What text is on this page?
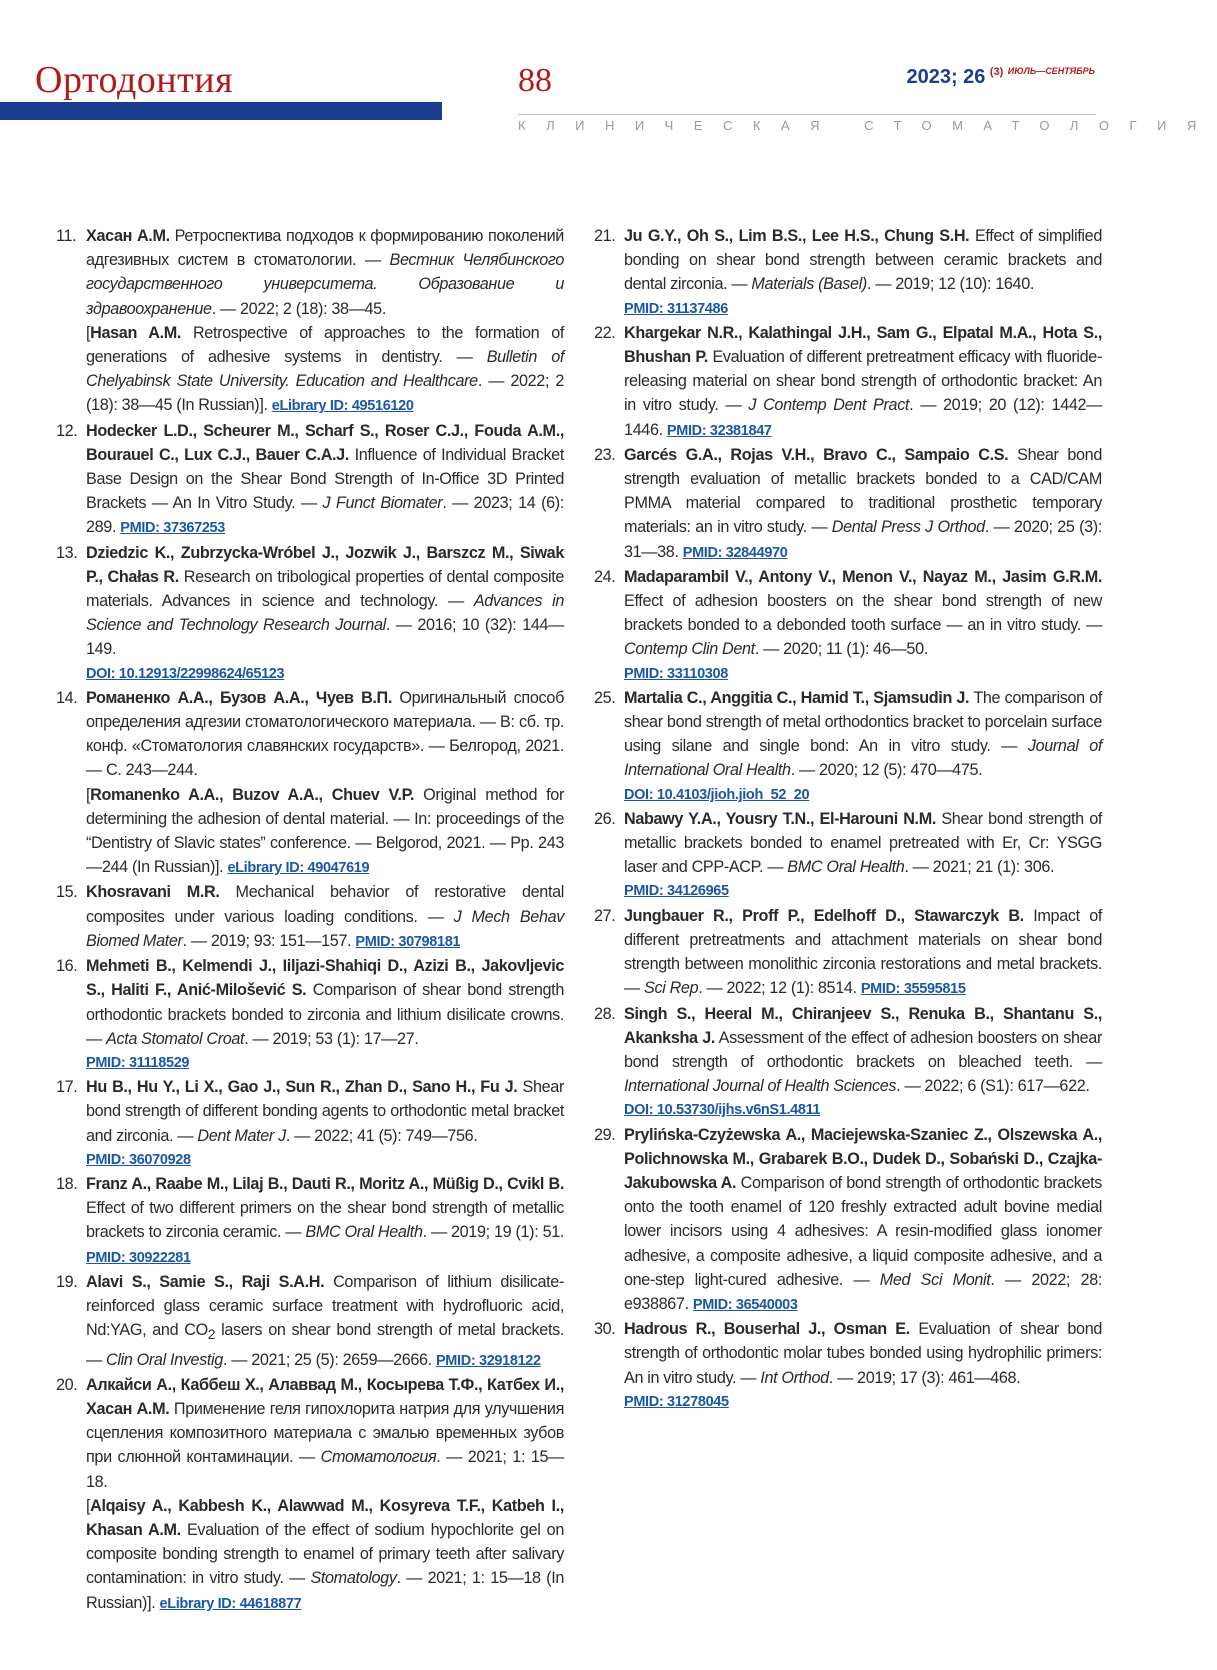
Ортодонтия	88	2023; 26 $^{(3)}$ $^{ИЮЛЬ—СЕНТЯБРЬ}$
КЛИНИЧЕСКАЯ СТОМАТОЛОГИЯ
11. Хасан А.М. Ретроспектива подходов к формированию поколений адгезивных систем в стоматологии. — Вестник Челябинского государственного университета. Образование и здравоохранение. — 2022; 2 (18): 38—45.
[Hasan A.M. Retrospective of approaches to the formation of generations of adhesive systems in dentistry. — Bulletin of Chelyabinsk State University. Education and Healthcare. — 2022; 2 (18): 38—45 (In Russian)]. eLibrary ID: 49516120
12. Hodecker L.D., Scheurer M., Scharf S., Roser C.J., Fouda A.M., Bourauel C., Lux C.J., Bauer C.A.J. Influence of Individual Bracket Base Design on the Shear Bond Strength of In-Office 3D Printed Brackets — An In Vitro Study. — J Funct Biomater. — 2023; 14 (6): 289. PMID: 37367253
13. Dziedzic K., Zubrzycka-Wróbel J., Jozwik J., Barszcz M., Siwak P., Chałas R. Research on tribological properties of dental composite materials. Advances in science and technology. — Advances in Science and Technology Research Journal. — 2016; 10 (32): 144—149.
DOI: 10.12913/22998624/65123
14. Романенко А.А., Бузов А.А., Чуев В.П. Оригинальный способ определения адгезии стоматологического материала. — В: сб. тр. конф. «Стоматология славянских государств». — Белгород, 2021. — С. 243—244.
[Romanenko A.A., Buzov A.A., Chuev V.P. Original method for determining the adhesion of dental material. — In: proceedings of the “Dentistry of Slavic states” conference. — Belgorod, 2021. — Pp. 243—244 (In Russian)]. eLibrary ID: 49047619
15. Khosravani M.R. Mechanical behavior of restorative dental composites under various loading conditions. — J Mech Behav Biomed Mater. — 2019; 93: 151—157. PMID: 30798181
16. Mehmeti B., Kelmendi J., Iiljazi-Shahiqi D., Azizi B., Jakovljevic S., Haliti F., Anić-Milošević S. Comparison of shear bond strength orthodontic brackets bonded to zirconia and lithium disilicate crowns. — Acta Stomatol Croat. — 2019; 53 (1): 17—27.
PMID: 31118529
17. Hu B., Hu Y., Li X., Gao J., Sun R., Zhan D., Sano H., Fu J. Shear bond strength of different bonding agents to orthodontic metal bracket and zirconia. — Dent Mater J. — 2022; 41 (5): 749—756.
PMID: 36070928
18. Franz A., Raabe M., Lilaj B., Dauti R., Moritz A., Müßig D., Cvikl B. Effect of two different primers on the shear bond strength of metallic brackets to zirconia ceramic. — BMC Oral Health. — 2019; 19 (1): 51. PMID: 30922281
19. Alavi S., Samie S., Raji S.A.H. Comparison of lithium disilicate-reinforced glass ceramic surface treatment with hydrofluoric acid, Nd:YAG, and $CO_2$ lasers on shear bond strength of metal brackets. — Clin Oral Investig. — 2021; 25 (5): 2659—2666. PMID: 32918122
20. Алкайси А., Каббеш Х., Алаввад М., Косырева Т.Ф., Катбех И., Хасан А.М. Применение геля гипохлорита натрия для улучшения сцепления композитного материала с эмалью временных зубов при слюнной контаминации. — Стоматология. — 2021; 1: 15—18.
[Alqaisy A., Kabbesh K., Alawwad M., Kosyreva T.F., Katbeh I., Khasan A.M. Evaluation of the effect of sodium hypochlorite gel on composite bonding strength to enamel of primary teeth after salivary contamination: in vitro study. — Stomatology. — 2021; 1: 15—18 (In Russian)]. eLibrary ID: 44618877
21. Ju G.Y., Oh S., Lim B.S., Lee H.S., Chung S.H. Effect of simplified bonding on shear bond strength between ceramic brackets and dental zirconia. — Materials (Basel). — 2019; 12 (10): 1640.
PMID: 31137486
22. Khargekar N.R., Kalathingal J.H., Sam G., Elpatal M.A., Hota S., Bhushan P. Evaluation of different pretreatment efficacy with fluoride-releasing material on shear bond strength of orthodontic bracket: An in vitro study. — J Contemp Dent Pract. — 2019; 20 (12): 1442—1446. PMID: 32381847
23. Garcés G.A., Rojas V.H., Bravo C., Sampaio C.S. Shear bond strength evaluation of metallic brackets bonded to a CAD/CAM PMMA material compared to traditional prosthetic temporary materials: an in vitro study. — Dental Press J Orthod. — 2020; 25 (3): 31—38. PMID: 32844970
24. Madaparambil V., Antony V., Menon V., Nayaz M., Jasim G.R.M. Effect of adhesion boosters on the shear bond strength of new brackets bonded to a debonded tooth surface — an in vitro study. — Contemp Clin Dent. — 2020; 11 (1): 46—50.
PMID: 33110308
25. Martalia C., Anggitia C., Hamid T., Sjamsudin J. The comparison of shear bond strength of metal orthodontics bracket to porcelain surface using silane and single bond: An in vitro study. — Journal of International Oral Health. — 2020; 12 (5): 470—475.
DOI: 10.4103/jioh.jioh_52_20
26. Nabawy Y.A., Yousry T.N., El-Harouni N.M. Shear bond strength of metallic brackets bonded to enamel pretreated with Er, Cr: YSGG laser and CPP-ACP. — BMC Oral Health. — 2021; 21 (1): 306.
PMID: 34126965
27. Jungbauer R., Proff P., Edelhoff D., Stawarczyk B. Impact of different pretreatments and attachment materials on shear bond strength between monolithic zirconia restorations and metal brackets. — Sci Rep. — 2022; 12 (1): 8514. PMID: 35595815
28. Singh S., Heeral M., Chiranjeev S., Renuka B., Shantanu S., Akanksha J. Assessment of the effect of adhesion boosters on shear bond strength of orthodontic brackets on bleached teeth. — International Journal of Health Sciences. — 2022; 6 (S1): 617—622.
DOI: 10.53730/ijhs.v6nS1.4811
29. Prylińska-Czyżewska A., Maciejewska-Szaniec Z., Olszewska A., Polichnowska M., Grabarek B.O., Dudek D., Sobański D., Czajka-Jakubowska A. Comparison of bond strength of orthodontic brackets onto the tooth enamel of 120 freshly extracted adult bovine medial lower incisors using 4 adhesives: A resin-modified glass ionomer adhesive, a composite adhesive, a liquid composite adhesive, and a one-step light-cured adhesive. — Med Sci Monit. — 2022; 28: e938867. PMID: 36540003
30. Hadrous R., Bouserhal J., Osman E. Evaluation of shear bond strength of orthodontic molar tubes bonded using hydrophilic primers: An in vitro study. — Int Orthod. — 2019; 17 (3): 461—468.
PMID: 31278045
